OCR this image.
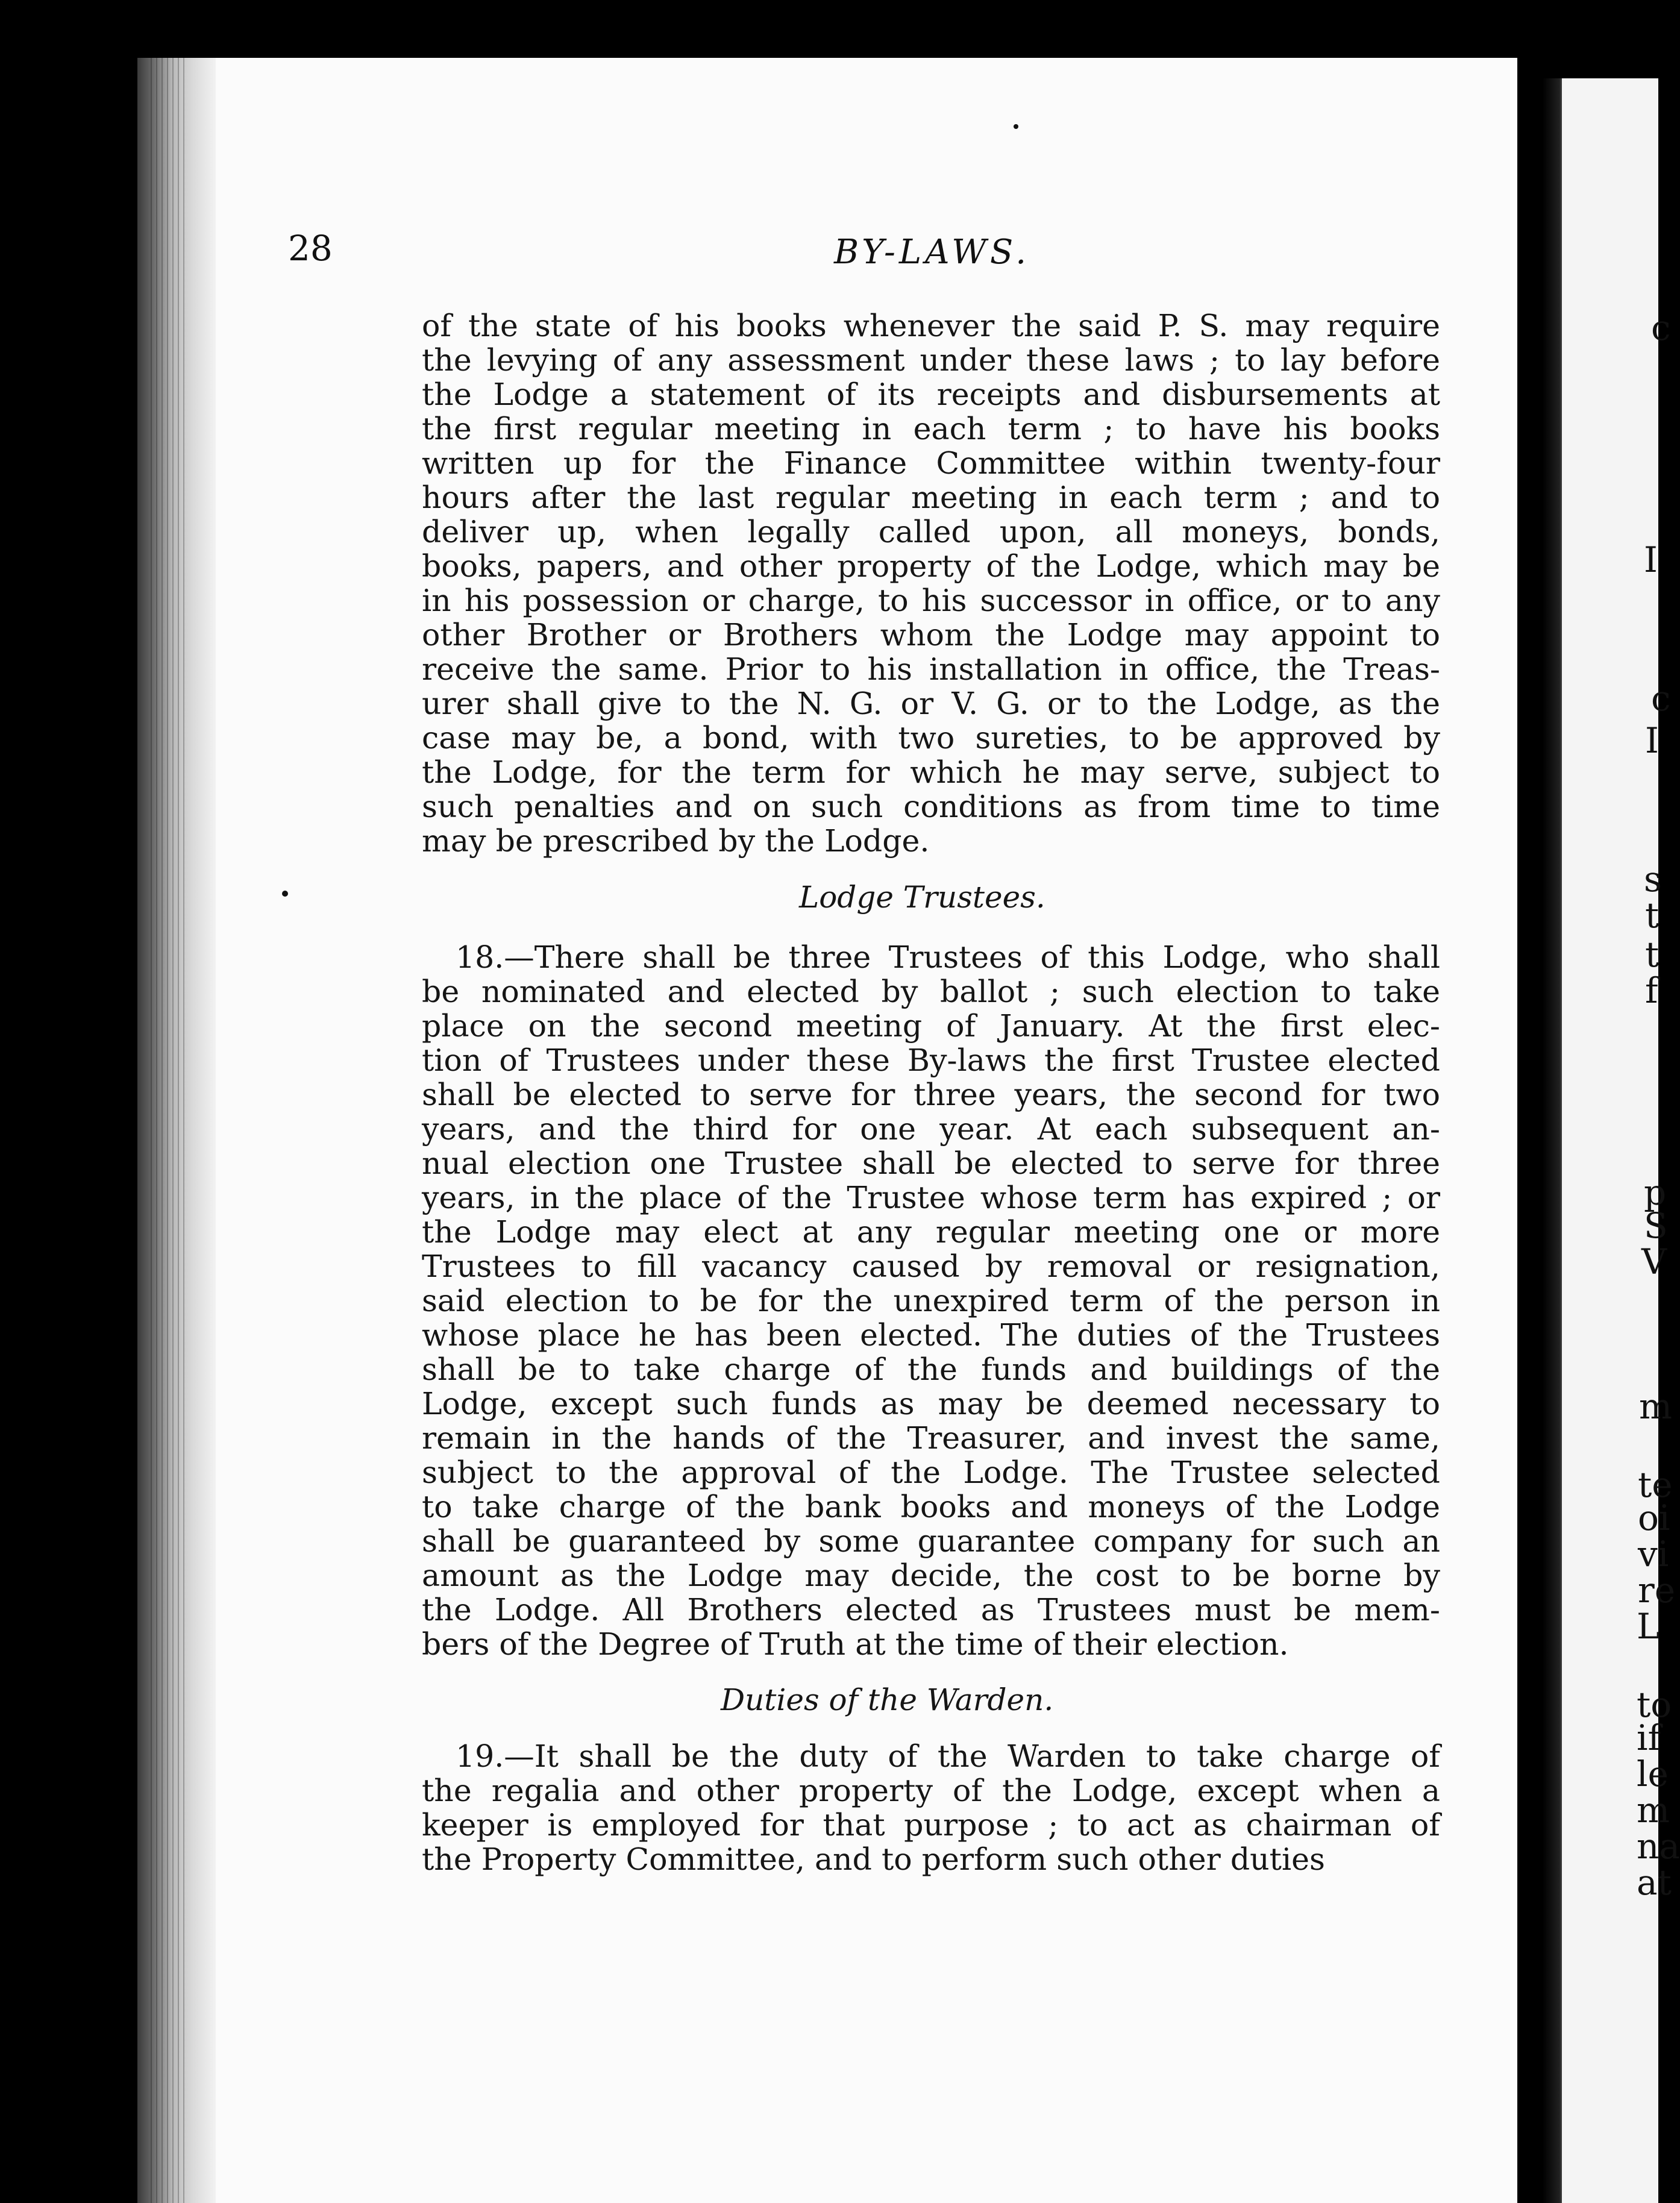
c
I
c
I
s
t
t
f
p
S
V
m
te
oi
vi
re
L
to
if
le
m
na
at
28	BY-LAWS.
of the state of his books whenever the said P. S. may require
the levying of any assessment under these laws ; to lay before
the Lodge a statement of its receipts and disbursements at
the first regular meeting in each term ; to have his books
written up for the Finance Committee within twenty-four
hours after the last regular meeting in each term ; and to
deliver up, when legally called upon, all moneys, bonds,
books, papers, and other property of the Lodge, which may be
in his possession or charge, to his successor in office, or to any
other Brother or Brothers whom the Lodge may appoint to
receive the same. Prior to his installation in office, the Treas-
urer shall give to the N. G. or V. G. or to the Lodge, as the
case may be, a bond, with two sureties, to be approved by
the Lodge, for the term for which he may serve, subject to
such penalties and on such conditions as from time to time
may be prescribed by the Lodge.
Lodge Trustees.
18.—There shall be three Trustees of this Lodge, who shall
be nominated and elected by ballot ; such election to take
place on the second meeting of January. At the first elec-
tion of Trustees under these By-laws the first Trustee elected
shall be elected to serve for three years, the second for two
years, and the third for one year. At each subsequent an-
nual election one Trustee shall be elected to serve for three
years, in the place of the Trustee whose term has expired ; or
the Lodge may elect at any regular meeting one or more
Trustees to fill vacancy caused by removal or resignation,
said election to be for the unexpired term of the person in
whose place he has been elected. The duties of the Trustees
shall be to take charge of the funds and buildings of the
Lodge, except such funds as may be deemed necessary to
remain in the hands of the Treasurer, and invest the same,
subject to the approval of the Lodge. The Trustee selected
to take charge of the bank books and moneys of the Lodge
shall be guaranteed by some guarantee company for such an
amount as the Lodge may decide, the cost to be borne by
the Lodge. All Brothers elected as Trustees must be mem-
bers of the Degree of Truth at the time of their election.
Duties of the Warden.
19.—It shall be the duty of the Warden to take charge of
the regalia and other property of the Lodge, except when a
keeper is employed for that purpose ; to act as chairman of
the Property Committee, and to perform such other duties
